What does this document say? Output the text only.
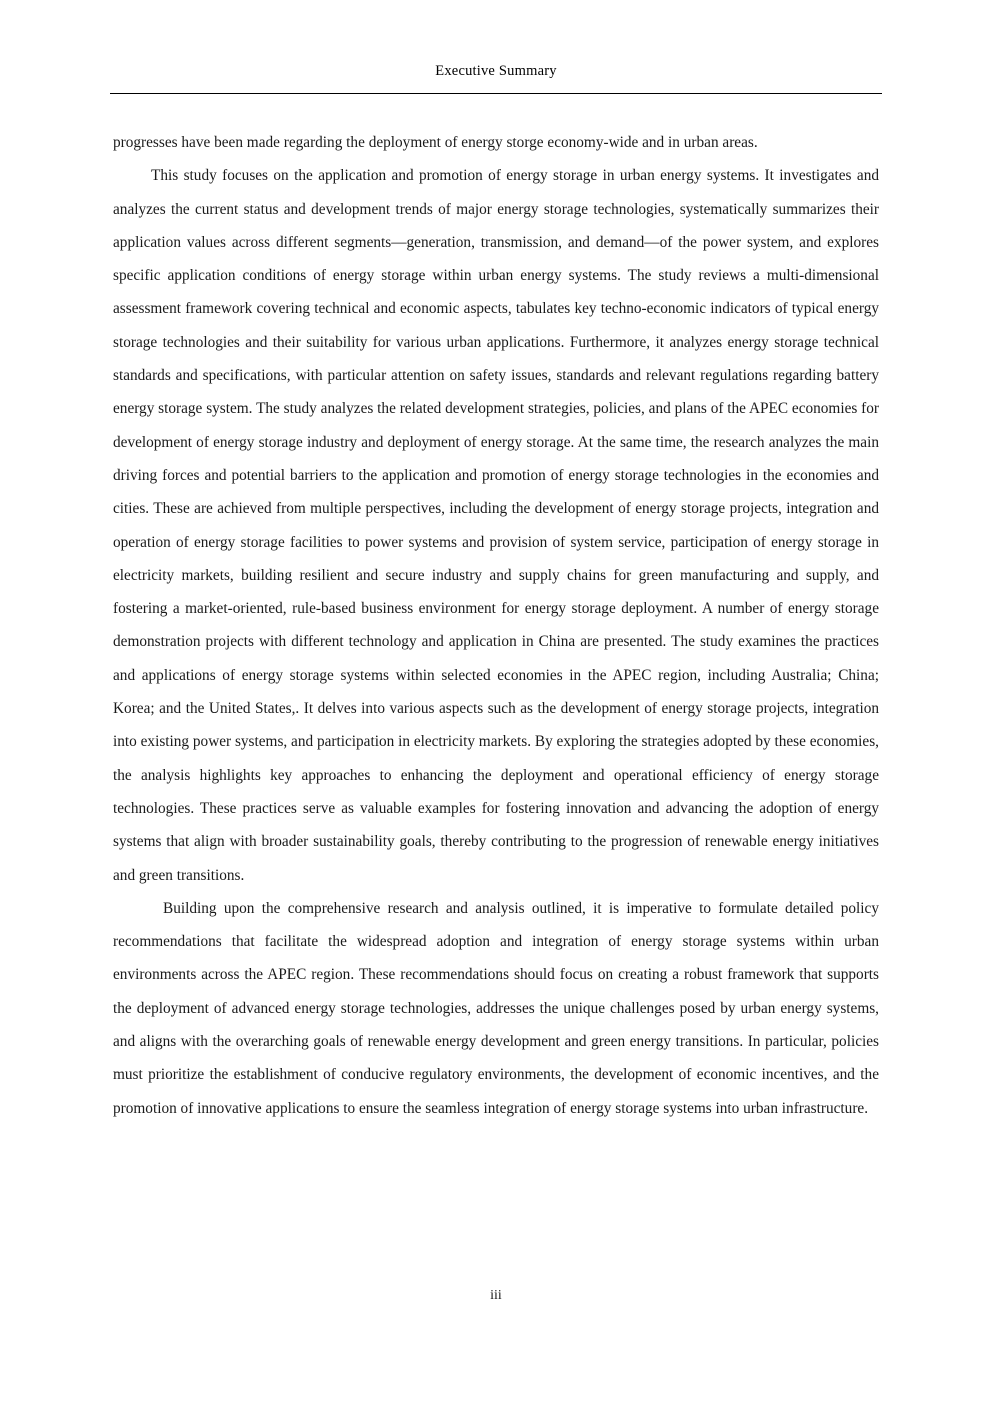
Executive Summary

progresses have been made regarding the deployment of energy storge economy-wide and in urban areas.

This study focuses on the application and promotion of energy storage in urban energy systems. It investigates and analyzes the current status and development trends of major energy storage technologies, systematically summarizes their application values across different segments—generation, transmission, and demand—of the power system, and explores specific application conditions of energy storage within urban energy systems. The study reviews a multi-dimensional assessment framework covering technical and economic aspects, tabulates key techno-economic indicators of typical energy storage technologies and their suitability for various urban applications. Furthermore, it analyzes energy storage technical standards and specifications, with particular attention on safety issues, standards and relevant regulations regarding battery energy storage system. The study analyzes the related development strategies, policies, and plans of the APEC economies for development of energy storage industry and deployment of energy storage. At the same time, the research analyzes the main driving forces and potential barriers to the application and promotion of energy storage technologies in the economies and cities. These are achieved from multiple perspectives, including the development of energy storage projects, integration and operation of energy storage facilities to power systems and provision of system service, participation of energy storage in electricity markets, building resilient and secure industry and supply chains for green manufacturing and supply, and fostering a market-oriented, rule-based business environment for energy storage deployment. A number of energy storage demonstration projects with different technology and application in China are presented. The study examines the practices and applications of energy storage systems within selected economies in the APEC region, including Australia; China; Korea; and the United States,. It delves into various aspects such as the development of energy storage projects, integration into existing power systems, and participation in electricity markets. By exploring the strategies adopted by these economies, the analysis highlights key approaches to enhancing the deployment and operational efficiency of energy storage technologies. These practices serve as valuable examples for fostering innovation and advancing the adoption of energy systems that align with broader sustainability goals, thereby contributing to the progression of renewable energy initiatives and green transitions.

Building upon the comprehensive research and analysis outlined, it is imperative to formulate detailed policy recommendations that facilitate the widespread adoption and integration of energy storage systems within urban environments across the APEC region. These recommendations should focus on creating a robust framework that supports the deployment of advanced energy storage technologies, addresses the unique challenges posed by urban energy systems, and aligns with the overarching goals of renewable energy development and green energy transitions. In particular, policies must prioritize the establishment of conducive regulatory environments, the development of economic incentives, and the promotion of innovative applications to ensure the seamless integration of energy storage systems into urban infrastructure.

iii
